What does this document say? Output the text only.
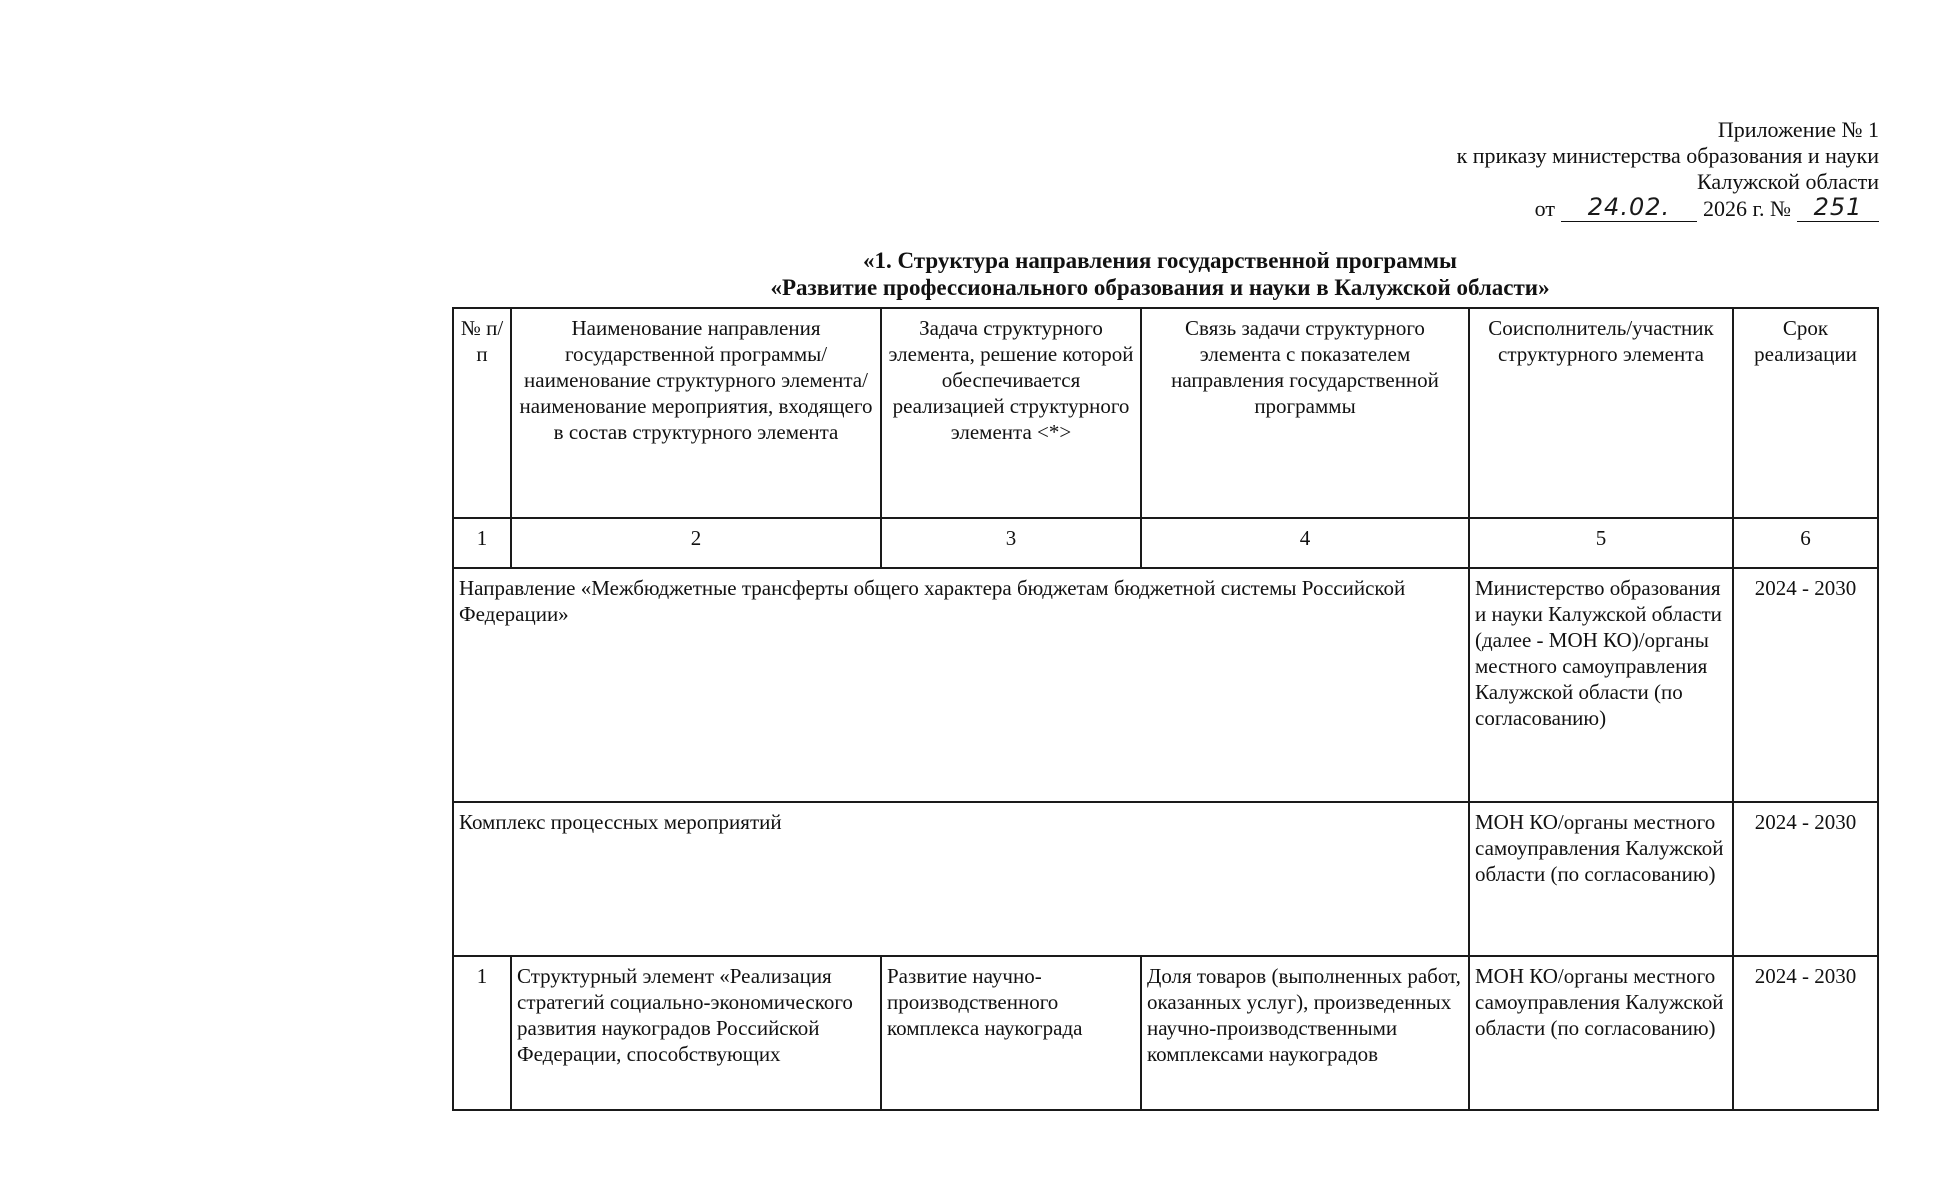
Приложение № 1
к приказу министерства образования и науки
Калужской области
от	24.02.	2026 г. № 251
«1. Структура направления государственной программы
«Развитие профессионального образования и науки в Калужской области»
№ п/п	Наименование направления государственной программы/наименование структурного элемента/наименование мероприятия, входящего в состав структурного элемента	Задача структурного элемента, решение которой обеспечивается реализацией структурного элемента <*>	Связь задачи структурного элемента с показателем направления государственной программы	Соисполнитель/участник структурного элемента	Срок реализации
1	2	3	4	5	6
Направление «Межбюджетные трансферты общего характера бюджетам бюджетной системы Российской Федерации»				Министерство образования и науки Калужской области (далее - МОН КО)/органы местного самоуправления Калужской области (по согласованию)	2024 - 2030
Комплекс процессных мероприятий				МОН КО/органы местного самоуправления Калужской области (по согласованию)	2024 - 2030
1	Структурный элемент «Реализация стратегий социально-экономического развития наукоградов Российской Федерации, способствующих	Развитие научно-производственного комплекса наукограда	Доля товаров (выполненных работ, оказанных услуг), произведенных научно-производственными комплексами наукоградов	МОН КО/органы местного самоуправления Калужской области (по согласованию)	2024 - 2030
